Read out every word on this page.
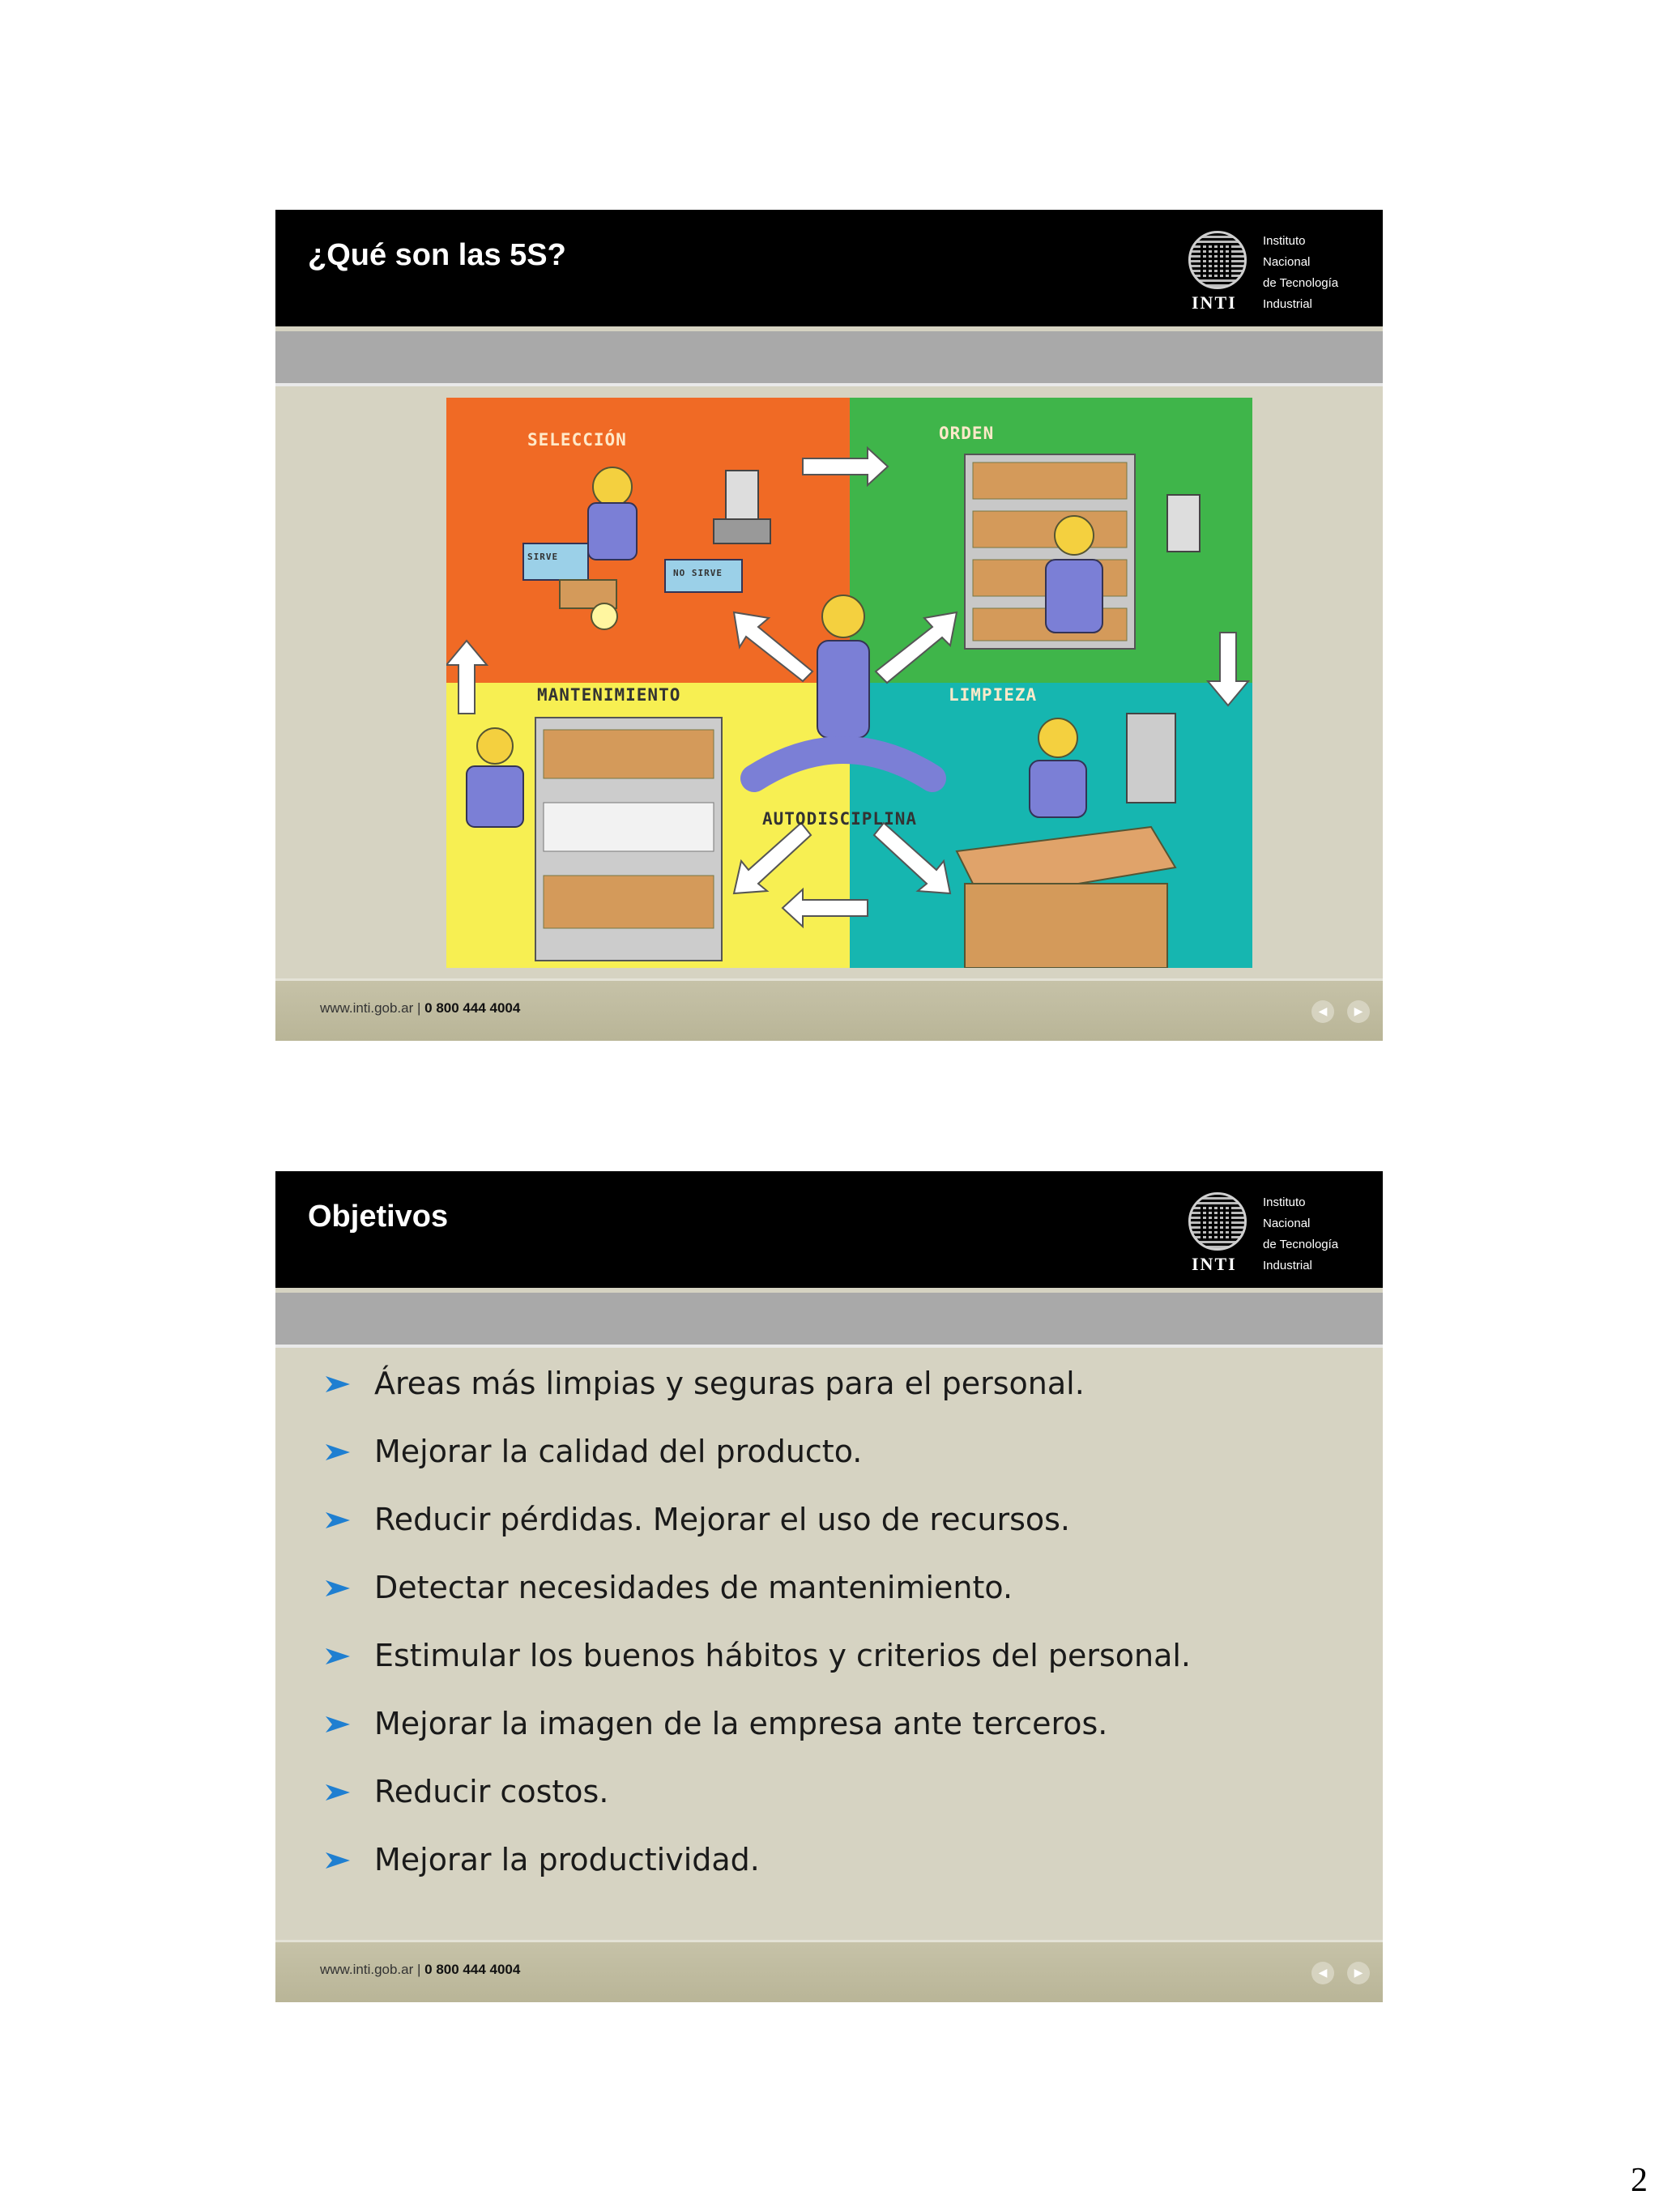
¿Qué son las 5S?
INTI
Instituto
Nacional
de Tecnología
Industrial
SELECCIÓN	ORDEN
MANTENIMIENTO	LIMPIEZA
AUTODISCIPLINA
SIRVE
NO SIRVE
www.inti.gob.ar | 0 800 444 4004	◀	▶
Objetivos
INTI
Instituto
Nacional
de Tecnología
Industrial
Áreas más limpias y seguras para el personal.
Mejorar la calidad del producto.
Reducir pérdidas. Mejorar el uso de recursos.
Detectar necesidades de mantenimiento.
Estimular los buenos hábitos y criterios del personal.
Mejorar la imagen de la empresa ante terceros.
Reducir costos.
Mejorar la productividad.
www.inti.gob.ar | 0 800 444 4004	◀	▶
2
